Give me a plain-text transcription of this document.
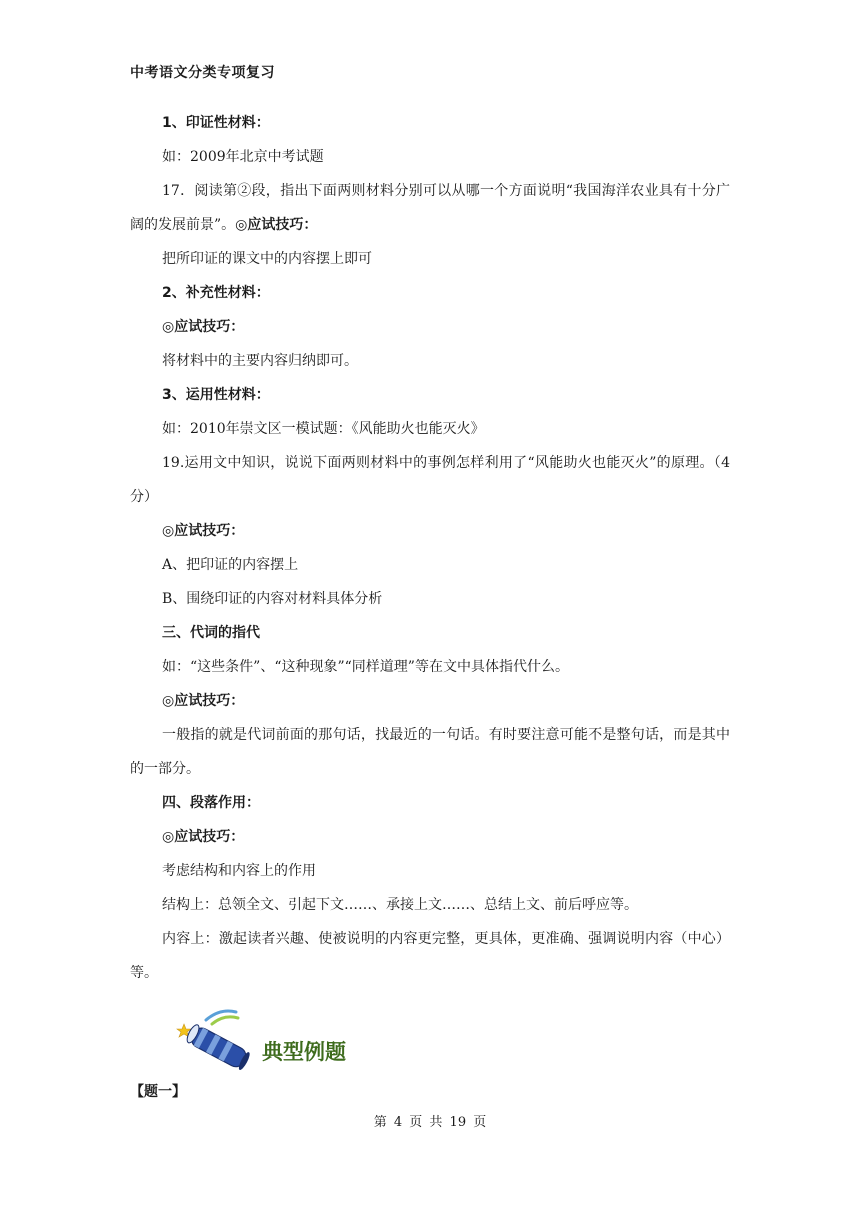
中考语文分类专项复习

1、印证性材料：

如：2009年北京中考试题

17．阅读第②段，指出下面两则材料分别可以从哪一个方面说明“我国海洋农业具有十分广阔的发展前景”。◎应试技巧：

把所印证的课文中的内容摆上即可

2、补充性材料：

◎应试技巧：

将材料中的主要内容归纳即可。

3、运用性材料：

如：2010年崇文区一模试题：《风能助火也能灭火》

19.运用文中知识，说说下面两则材料中的事例怎样利用了“风能助火也能灭火”的原理。（4分）

◎应试技巧：

A、把印证的内容摆上

B、围绕印证的内容对材料具体分析

三、代词的指代

如：“这些条件”、“这种现象”“同样道理”等在文中具体指代什么。

◎应试技巧：

一般指的就是代词前面的那句话，找最近的一句话。有时要注意可能不是整句话，而是其中的一部分。

四、段落作用：

◎应试技巧：

考虑结构和内容上的作用

结构上：总领全文、引起下文……、承接上文……、总结上文、前后呼应等。

内容上：激起读者兴趣、使被说明的内容更完整，更具体，更准确、强调说明内容（中心）等。

典型例题
【题一】
第 4 页 共 19 页
